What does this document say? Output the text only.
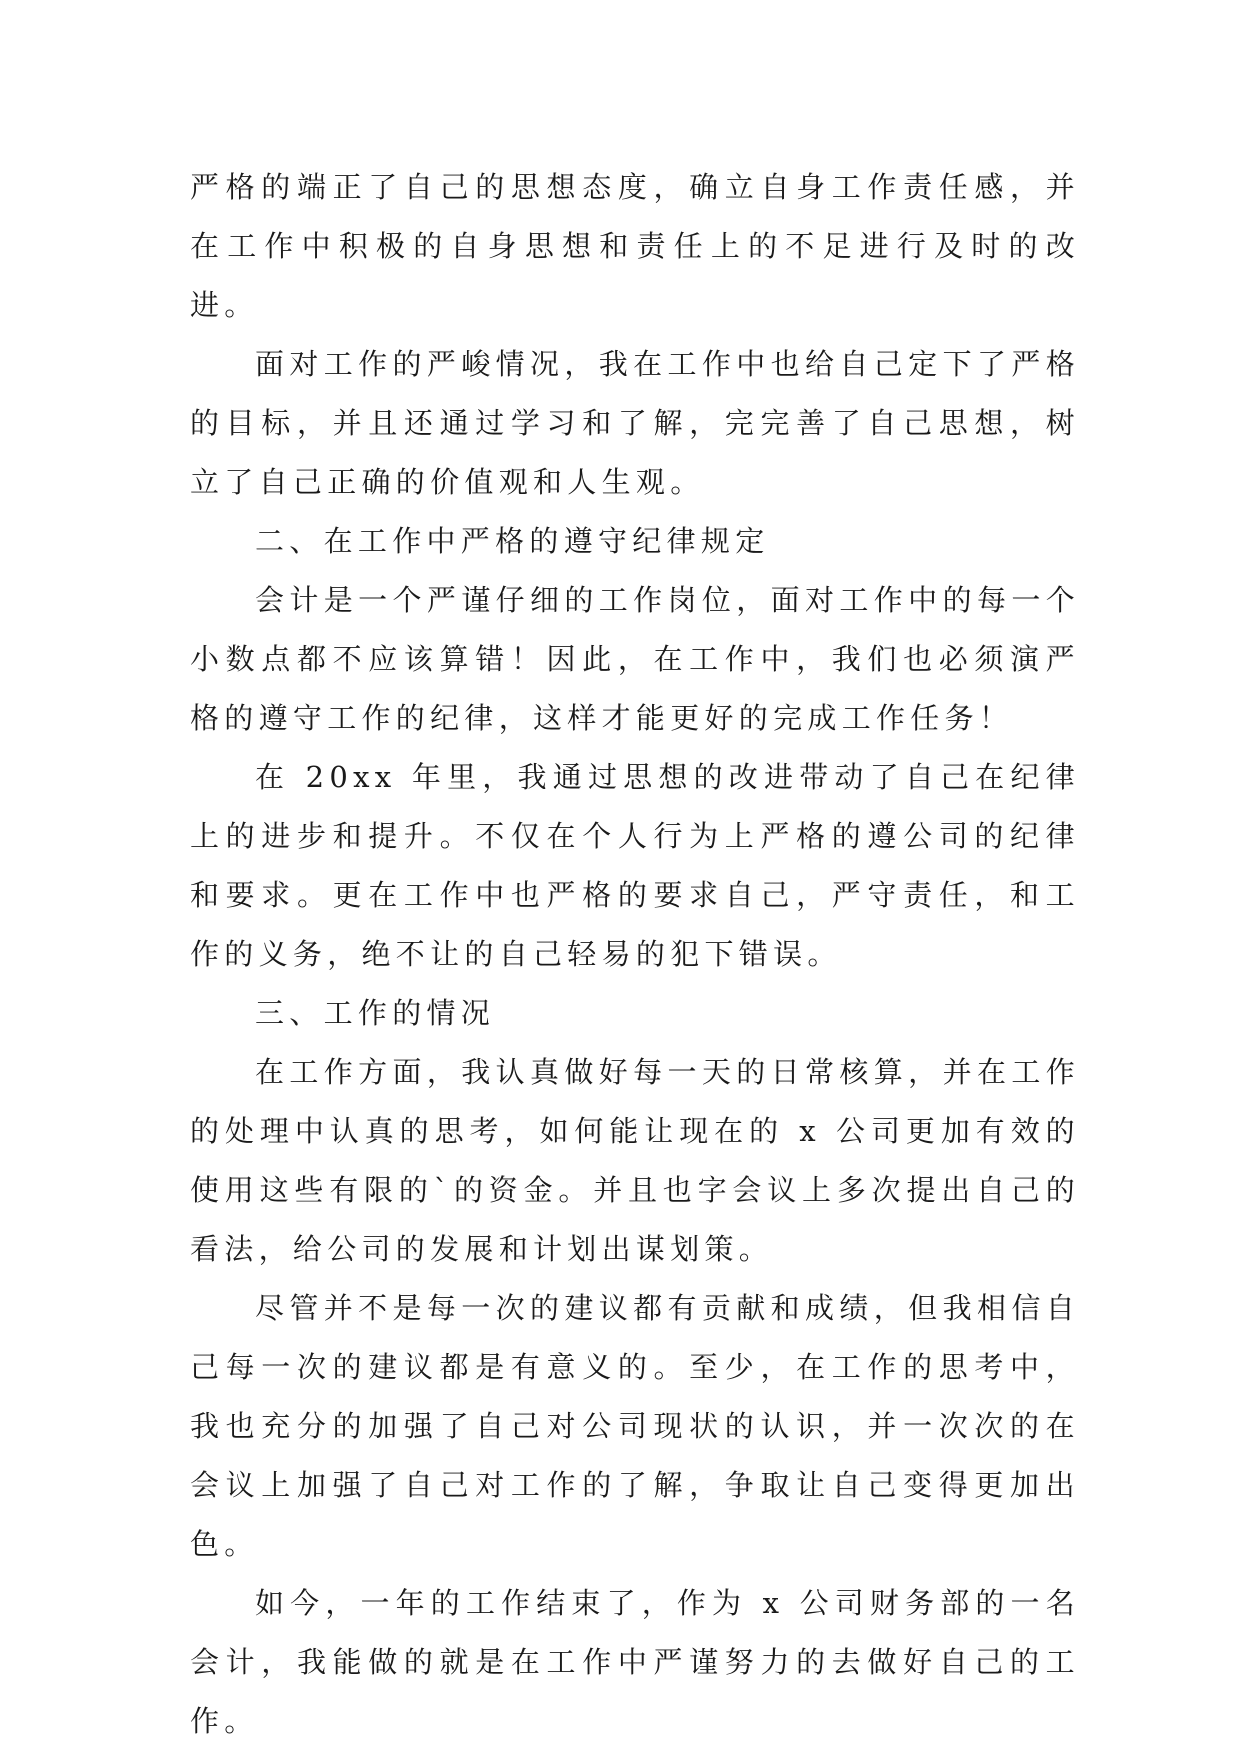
严格的端正了自己的思想态度，确立自身工作责任感，并在工作中积极的自身思想和责任上的不足进行及时的改进。

面对工作的严峻情况，我在工作中也给自己定下了严格的目标，并且还通过学习和了解，完完善了自己思想，树立了自己正确的价值观和人生观。

二、在工作中严格的遵守纪律规定

会计是一个严谨仔细的工作岗位，面对工作中的每一个小数点都不应该算错！因此，在工作中，我们也必须演严格的遵守工作的纪律，这样才能更好的完成工作任务！

在 20xx 年里，我通过思想的改进带动了自己在纪律上的进步和提升。不仅在个人行为上严格的遵公司的纪律和要求。更在工作中也严格的要求自己，严守责任，和工作的义务，绝不让的自己轻易的犯下错误。

三、工作的情况

在工作方面，我认真做好每一天的日常核算，并在工作的处理中认真的思考，如何能让现在的 x 公司更加有效的使用这些有限的`的资金。并且也字会议上多次提出自己的看法，给公司的发展和计划出谋划策。

尽管并不是每一次的建议都有贡献和成绩，但我相信自己每一次的建议都是有意义的。至少，在工作的思考中，我也充分的加强了自己对公司现状的认识，并一次次的在会议上加强了自己对工作的了解，争取让自己变得更加出色。

如今，一年的工作结束了，作为 x 公司财务部的一名会计，我能做的就是在工作中严谨努力的去做好自己的工作。
